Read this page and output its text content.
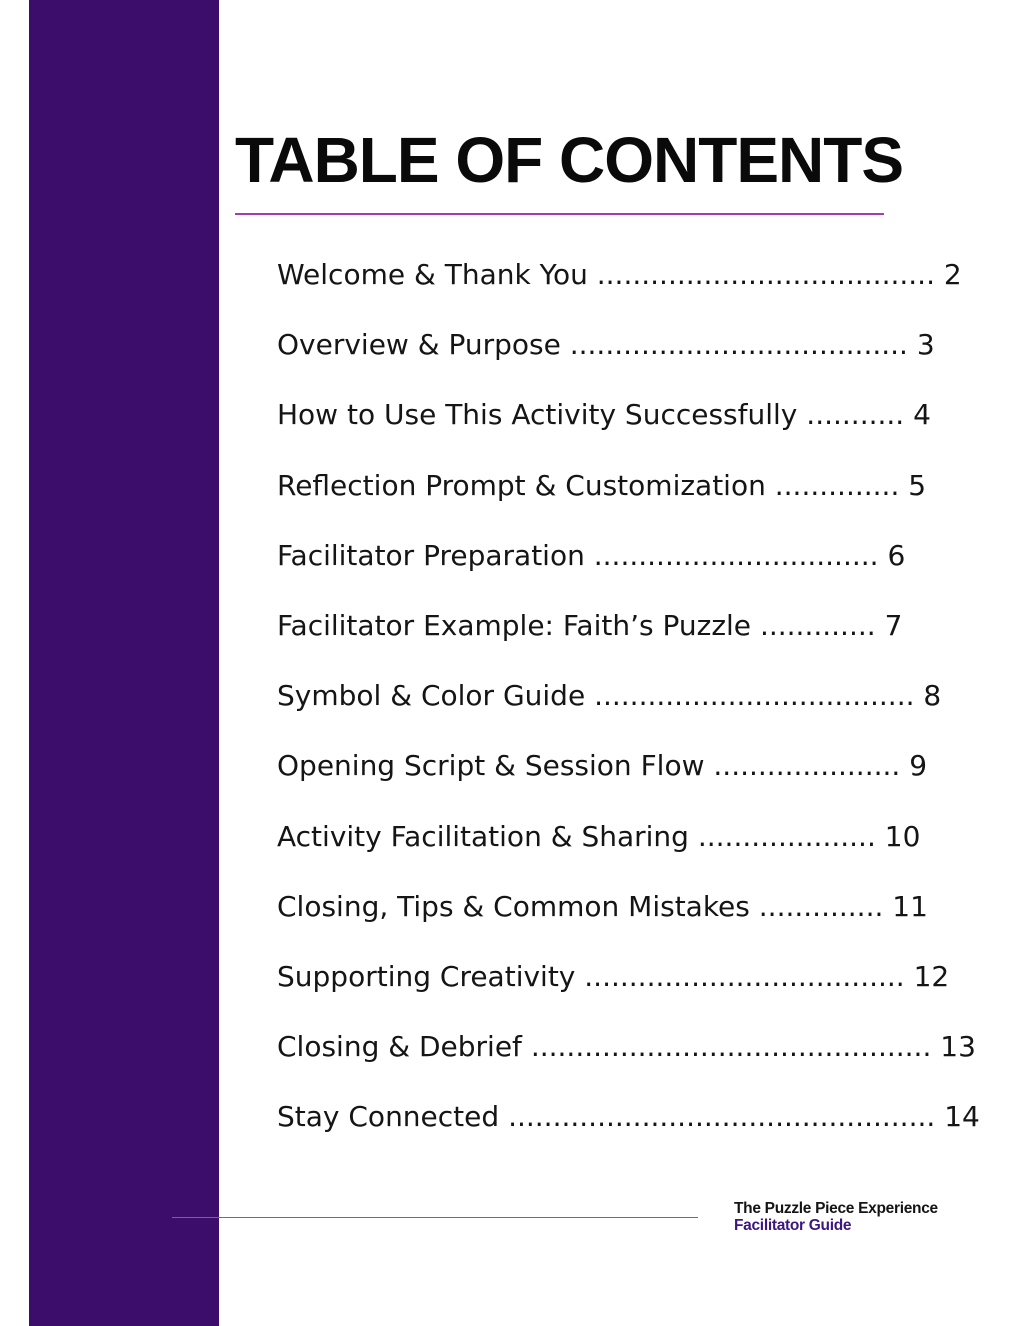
TABLE OF CONTENTS
Welcome & Thank You ...................................... 2
Overview & Purpose ...................................... 3
How to Use This Activity Successfully ........... 4
Reflection Prompt & Customization .............. 5
Facilitator Preparation ................................ 6
Facilitator Example: Faith’s Puzzle ............. 7
Symbol & Color Guide .................................... 8
Opening Script & Session Flow ..................... 9
Activity Facilitation & Sharing .................... 10
Closing, Tips & Common Mistakes .............. 11
Supporting Creativity .................................... 12
Closing & Debrief ............................................. 13
Stay Connected ................................................ 14
The Puzzle Piece Experience
Facilitator Guide
